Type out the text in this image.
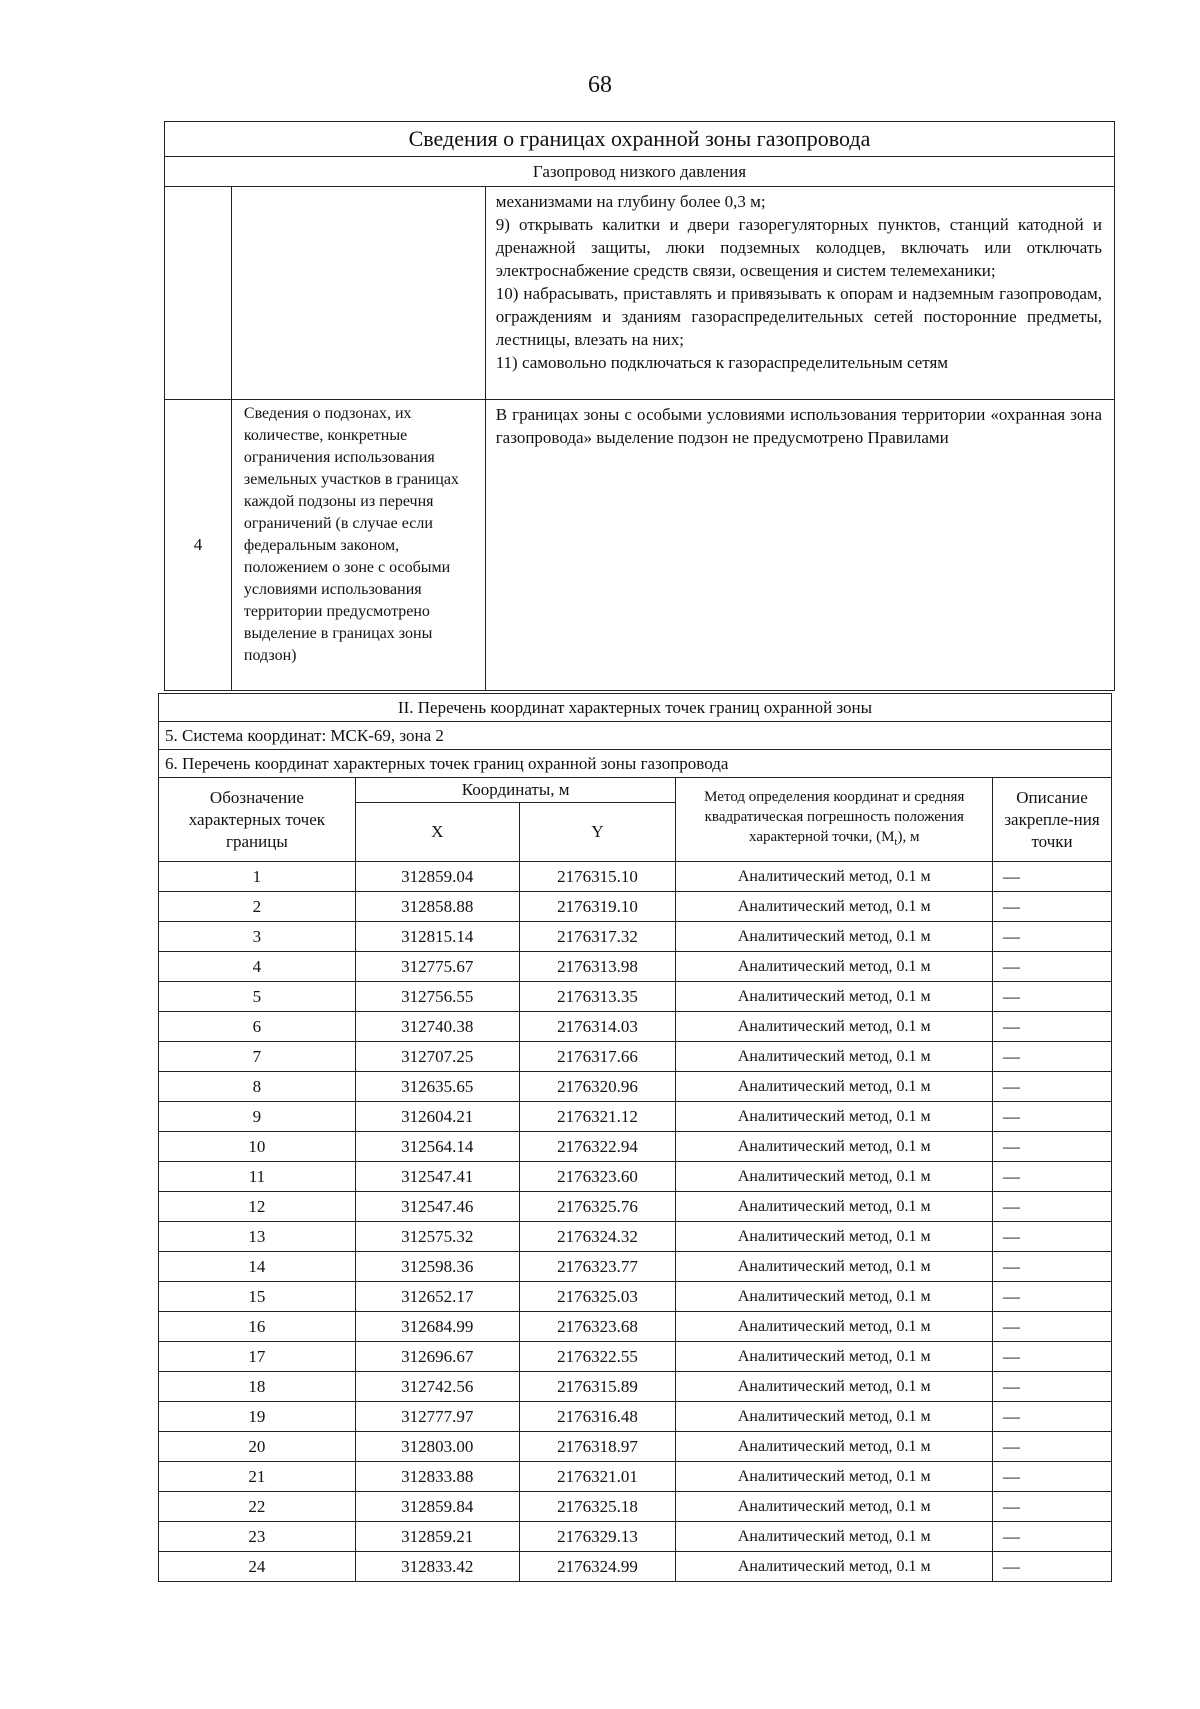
68
Сведения о границах охранной зоны газопровода		
Газопровод низкого давления		

		механизмами на глубину более 0,3 м;
9) открывать калитки и двери газорегуляторных пунктов, станций катодной и дренажной защиты, люки подземных колодцев, включать или отключать электроснабжение средств связи, освещения и систем телемеханики;
10) набрасывать, приставлять и привязывать к опорам и надземным газопроводам, ограждениям и зданиям газораспределительных сетей посторонние предметы, лестницы, влезать на них;
11) самовольно подключаться к газораспределительным сетям

4	Сведения о подзонах, их количестве, конкретные ограничения использования земельных участков в границах каждой подзоны из перечня ограничений (в случае если федеральным законом, положением о зоне с особыми условиями использования территории предусмотрено выделение в границах зоны подзон)	В границах зоны с особыми условиями использования территории «охранная зона газопровода» выделение подзон не предусмотрено Правилами
II. Перечень координат характерных точек границ охранной зоны				
5. Система координат: МСК-69, зона 2				
6. Перечень координат характерных точек границ охранной зоны газопровода				
Обозначение характерных точек границы	Координаты, м		Метод определения координат и средняя квадратическая погрешность положения характерной точки, $(M_t)$, м	Описание закрепле-ния точки
	X	Y		
1	312859.04	2176315.10	Аналитический метод, 0.1 м	—
2	312858.88	2176319.10	Аналитический метод, 0.1 м	—
3	312815.14	2176317.32	Аналитический метод, 0.1 м	—
4	312775.67	2176313.98	Аналитический метод, 0.1 м	—
5	312756.55	2176313.35	Аналитический метод, 0.1 м	—
6	312740.38	2176314.03	Аналитический метод, 0.1 м	—
7	312707.25	2176317.66	Аналитический метод, 0.1 м	—
8	312635.65	2176320.96	Аналитический метод, 0.1 м	—
9	312604.21	2176321.12	Аналитический метод, 0.1 м	—
10	312564.14	2176322.94	Аналитический метод, 0.1 м	—
11	312547.41	2176323.60	Аналитический метод, 0.1 м	—
12	312547.46	2176325.76	Аналитический метод, 0.1 м	—
13	312575.32	2176324.32	Аналитический метод, 0.1 м	—
14	312598.36	2176323.77	Аналитический метод, 0.1 м	—
15	312652.17	2176325.03	Аналитический метод, 0.1 м	—
16	312684.99	2176323.68	Аналитический метод, 0.1 м	—
17	312696.67	2176322.55	Аналитический метод, 0.1 м	—
18	312742.56	2176315.89	Аналитический метод, 0.1 м	—
19	312777.97	2176316.48	Аналитический метод, 0.1 м	—
20	312803.00	2176318.97	Аналитический метод, 0.1 м	—
21	312833.88	2176321.01	Аналитический метод, 0.1 м	—
22	312859.84	2176325.18	Аналитический метод, 0.1 м	—
23	312859.21	2176329.13	Аналитический метод, 0.1 м	—
24	312833.42	2176324.99	Аналитический метод, 0.1 м	—
